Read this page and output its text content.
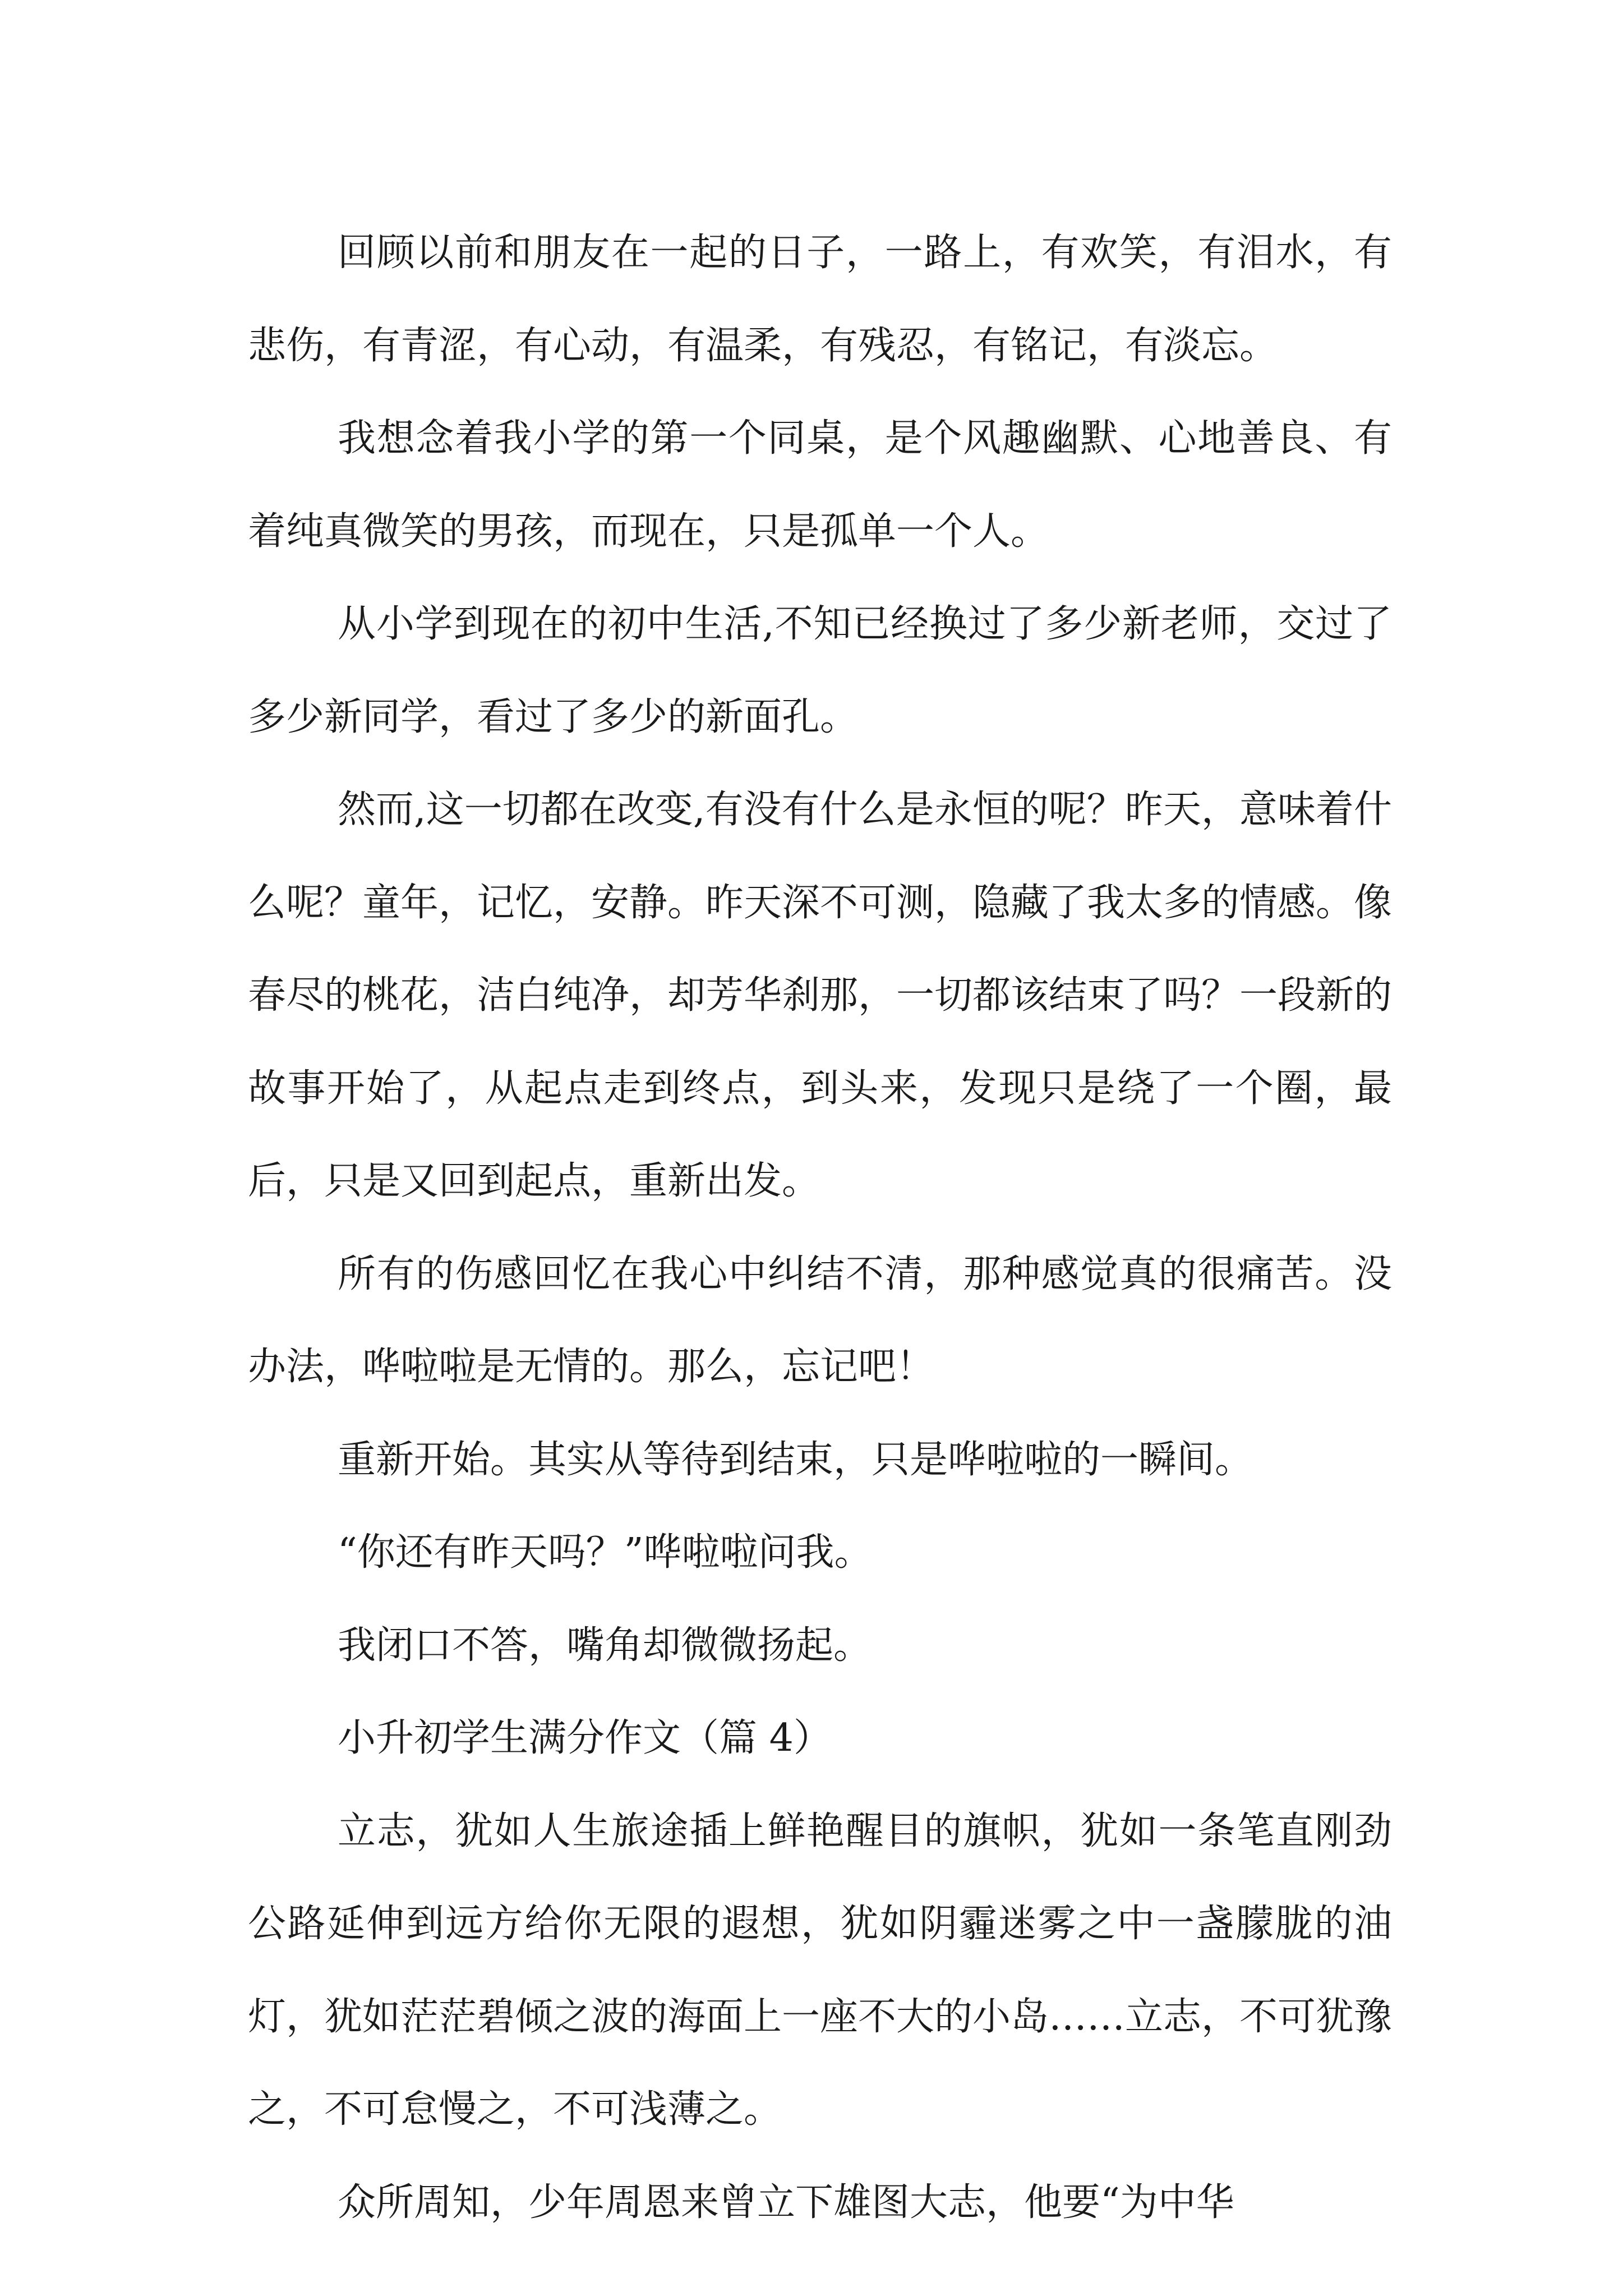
回顾以前和朋友在一起的日子，一路上，有欢笑，有泪水，有悲伤，有青涩，有心动，有温柔，有残忍，有铭记，有淡忘。

我想念着我小学的第一个同桌，是个风趣幽默、心地善良、有着纯真微笑的男孩，而现在，只是孤单一个人。

从小学到现在的初中生活,不知已经换过了多少新老师，交过了多少新同学，看过了多少的新面孔。

然而,这一切都在改变,有没有什么是永恒的呢？昨天，意味着什么呢？童年，记忆，安静。昨天深不可测，隐藏了我太多的情感。像春尽的桃花，洁白纯净，却芳华刹那，一切都该结束了吗？一段新的故事开始了，从起点走到终点，到头来，发现只是绕了一个圈，最后，只是又回到起点，重新出发。

所有的伤感回忆在我心中纠结不清，那种感觉真的很痛苦。没办法，哗啦啦是无情的。那么，忘记吧！

重新开始。其实从等待到结束，只是哗啦啦的一瞬间。

“你还有昨天吗？”哗啦啦问我。

我闭口不答，嘴角却微微扬起。

小升初学生满分作文（篇 4）

立志，犹如人生旅途插上鲜艳醒目的旗帜，犹如一条笔直刚劲公路延伸到远方给你无限的遐想，犹如阴霾迷雾之中一盏朦胧的油灯，犹如茫茫碧倾之波的海面上一座不大的小岛……立志，不可犹豫之，不可怠慢之，不可浅薄之。

众所周知，少年周恩来曾立下雄图大志，他要“为中华
